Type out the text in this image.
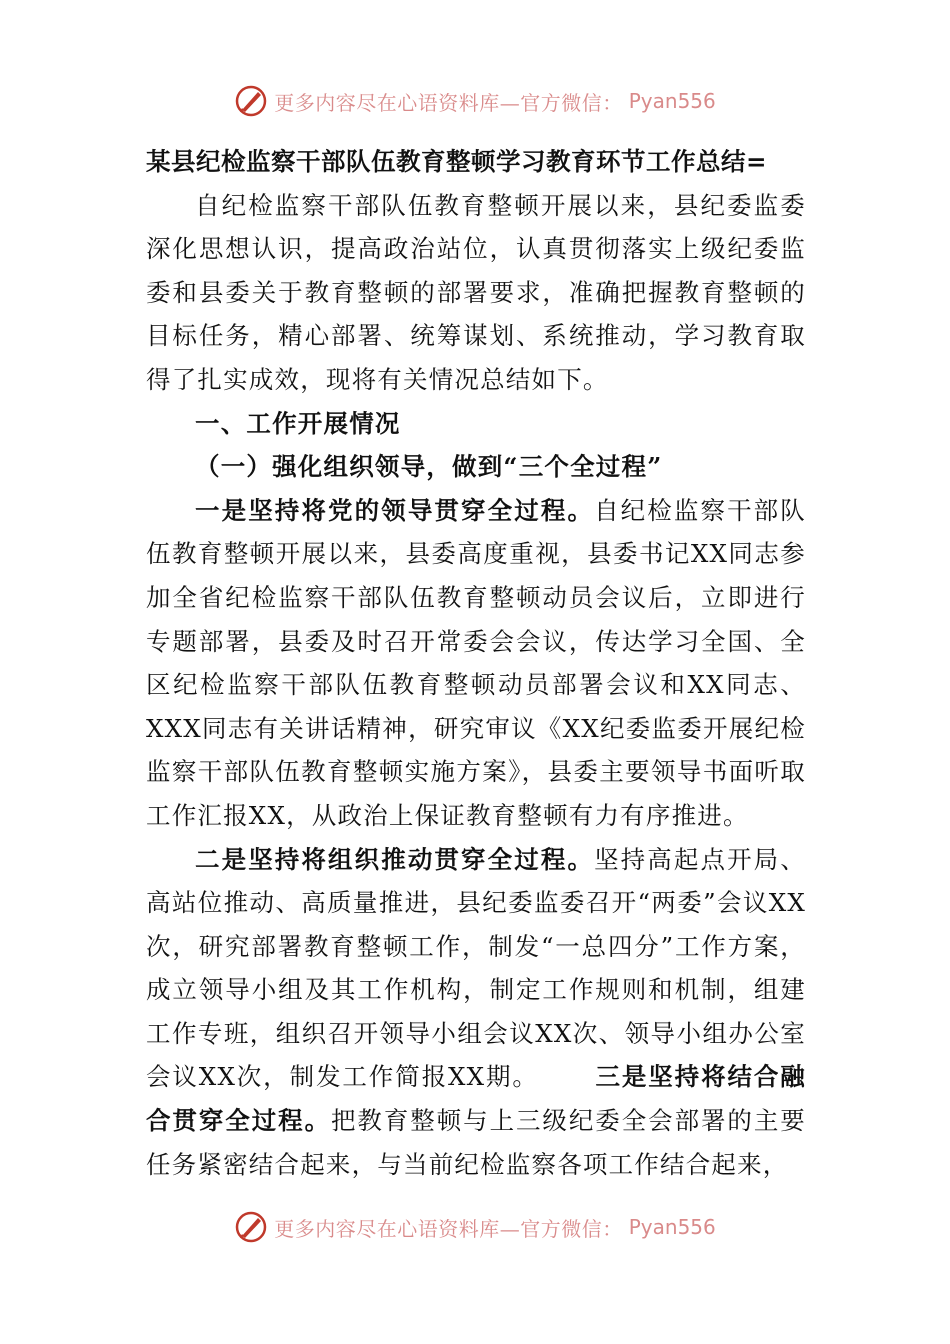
更多内容尽在心语资料库—官方微信： Pyan556
某县纪检监察干部队伍教育整顿学习教育环节工作总结=

自纪检监察干部队伍教育整顿开展以来，县纪委监委深化思想认识，提高政治站位，认真贯彻落实上级纪委监委和县委关于教育整顿的部署要求，准确把握教育整顿的目标任务，精心部署、统筹谋划、系统推动，学习教育取得了扎实成效，现将有关情况总结如下。

一、工作开展情况
（一）强化组织领导，做到“三个全过程”

一是坚持将党的领导贯穿全过程。自纪检监察干部队伍教育整顿开展以来，县委高度重视，县委书记XX同志参加全省纪检监察干部队伍教育整顿动员会议后，立即进行专题部署，县委及时召开常委会会议，传达学习全国、全区纪检监察干部队伍教育整顿动员部署会议和XX同志、XXX同志有关讲话精神，研究审议《XX纪委监委开展纪检监察干部队伍教育整顿实施方案》，县委主要领导书面听取工作汇报XX，从政治上保证教育整顿有力有序推进。

二是坚持将组织推动贯穿全过程。坚持高起点开局、高站位推动、高质量推进，县纪委监委召开“两委”会议XX次，研究部署教育整顿工作，制发“一总四分”工作方案，成立领导小组及其工作机构，制定工作规则和机制，组建工作专班，组织召开领导小组会议XX次、领导小组办公室会议XX次，制发工作简报XX期。 三是坚持将结合融合贯穿全过程。把教育整顿与上三级纪委全会部署的主要任务紧密结合起来，与当前纪检监察各项工作结合起来，

更多内容尽在心语资料库—官方微信： Pyan556
